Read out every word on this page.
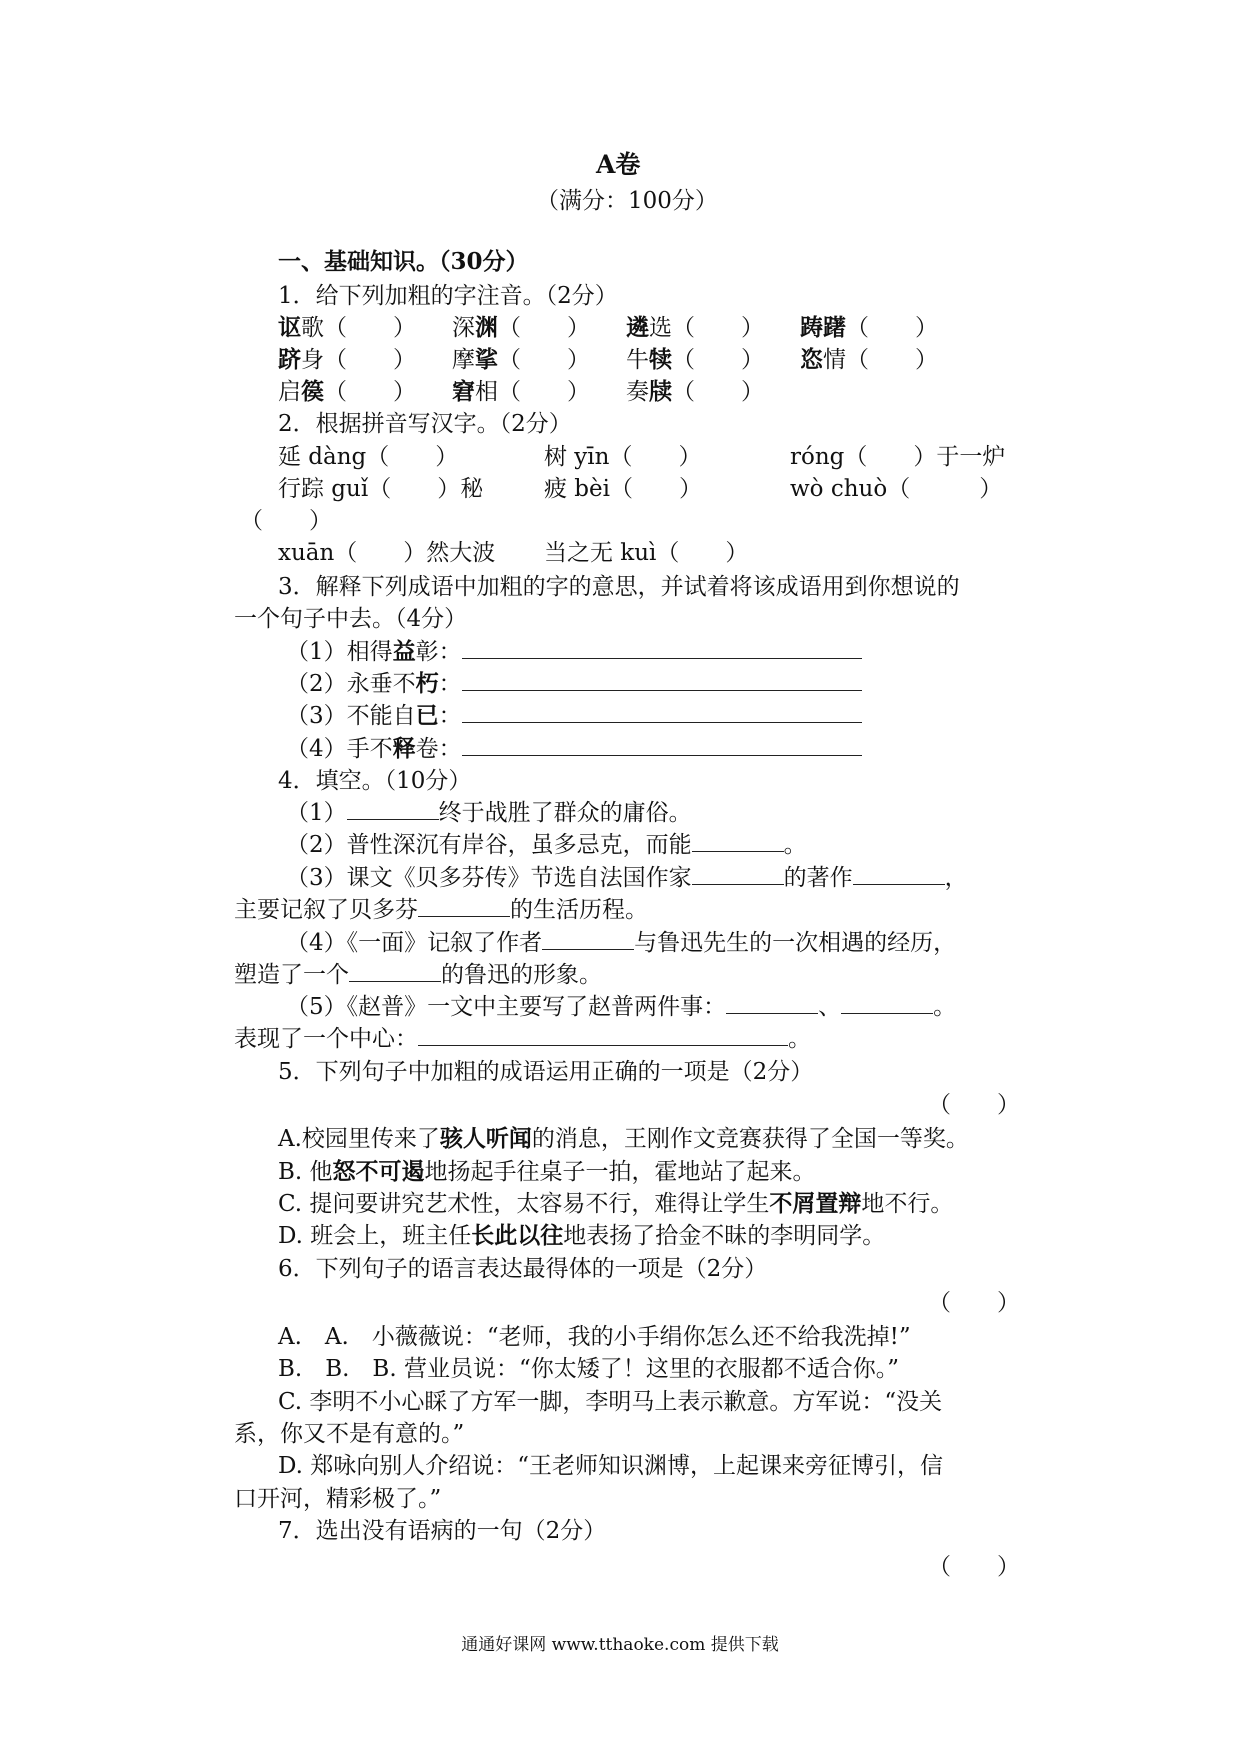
A卷
（满分：100分）
一、基础知识。（30分）
1．给下列加粗的字注音。（2分）
讴歌（　　） 深渊（　　） 遴选（　　） 踌躇（　　）
跻身（　　） 摩挲（　　） 牛犊（　　） 恣情（　　）
启篌（　　） 窘相（　　） 奏牍（　　）
2．根据拼音写汉字。（2分）
延 dàng（　　）	树 yīn（　　）	róng（　　）于一炉
行踪 guǐ（　　）秘	疲 bèi（　　）	wò chuò（　　　）
（　　）
xuān（　　）然大波 当之无 kuì（　　）
3．解释下列成语中加粗的字的意思，并试着将该成语用到你想说的
一个句子中去。（4分）
（1）相得益彰：
（2）永垂不朽：
（3）不能自已：
（4）手不释卷：
4．填空。（10分）
（1）	终于战胜了群众的庸俗。
（2）普性深沉有岸谷，虽多忌克，而能	。
（3）课文《贝多芬传》节选自法国作家	的著作	，
主要记叙了贝多芬	的生活历程。
（4）《一面》记叙了作者	与鲁迅先生的一次相遇的经历，
塑造了一个	的鲁迅的形象。
（5）《赵普》一文中主要写了赵普两件事：	、	。
表现了一个中心：	。
5．下列句子中加粗的成语运用正确的一项是（2分）
（　　）
A.校园里传来了骇人听闻的消息，王刚作文竞赛获得了全国一等奖。
B. 他怒不可遏地扬起手往桌子一拍，霍地站了起来。
C. 提问要讲究艺术性，太容易不行，难得让学生不屑置辩地不行。
D. 班会上，班主任长此以往地表扬了拾金不昧的李明同学。
6．下列句子的语言表达最得体的一项是（2分）
（　　）
A.　A.　小薇薇说：“老师，我的小手绢你怎么还不给我洗掉!”
B.　B.　B. 营业员说：“你太矮了！这里的衣服都不适合你。”
C. 李明不小心睬了方军一脚，李明马上表示歉意。方军说：“没关
系，你又不是有意的。”
D. 郑咏向别人介绍说：“王老师知识渊博，上起课来旁征博引，信
口开河，精彩极了。”
7．选出没有语病的一句（2分）
（　　）
通通好课网 www.tthaoke.com 提供下载
